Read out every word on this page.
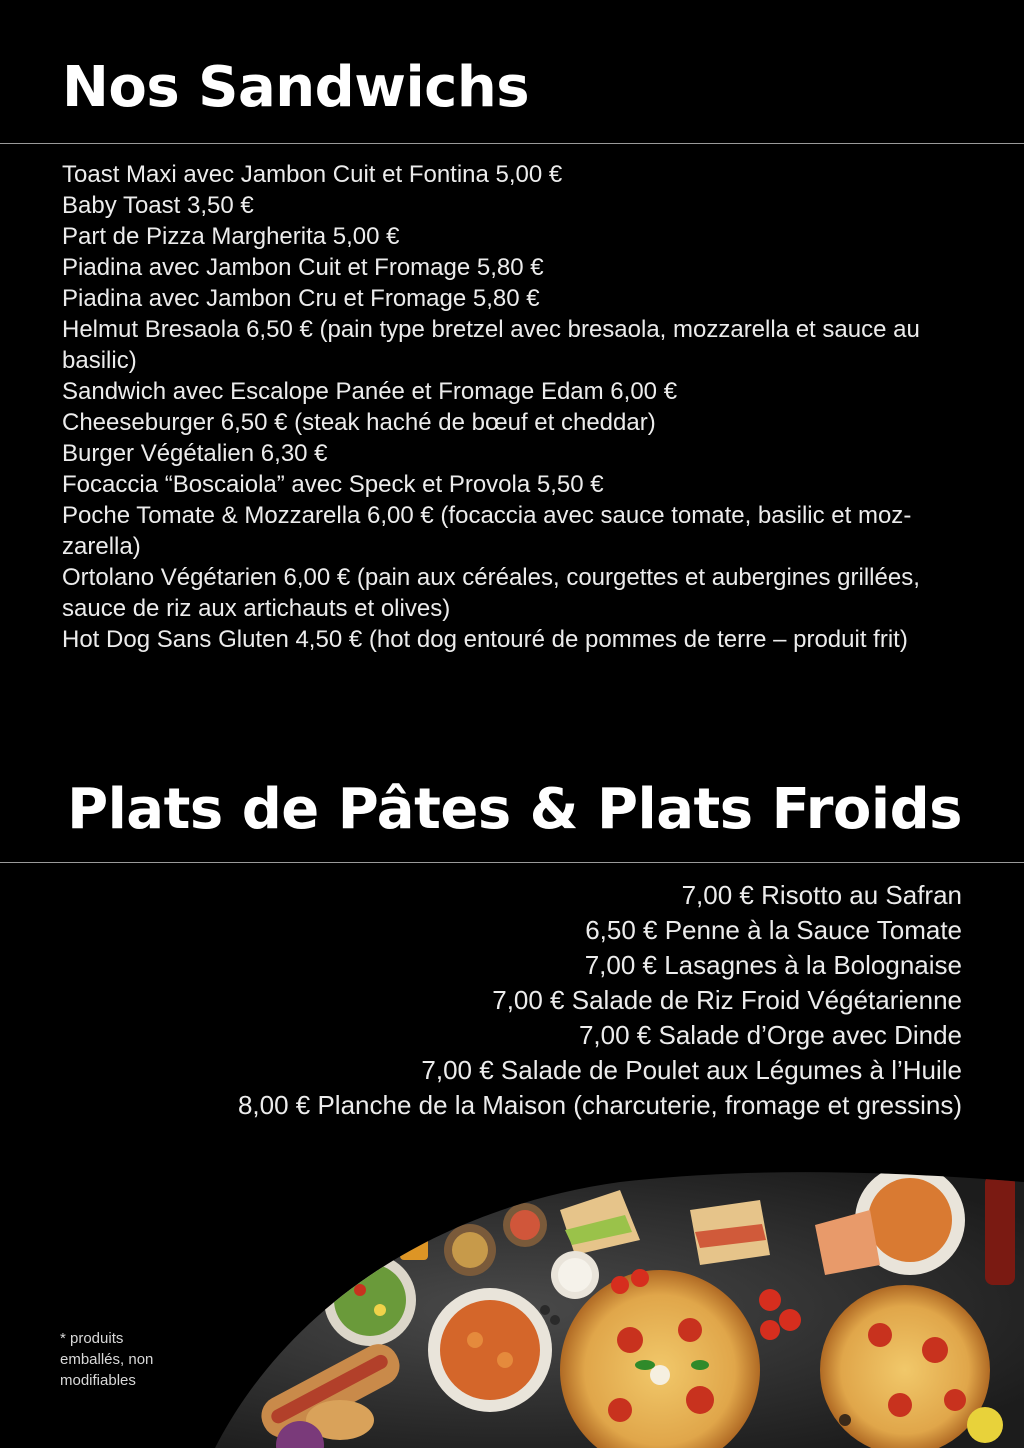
Nos Sandwichs
Toast Maxi avec Jambon Cuit et Fontina 5,00 €
Baby Toast 3,50 €
Part de Pizza Margherita 5,00 €
Piadina avec Jambon Cuit et Fromage 5,80 €
Piadina avec Jambon Cru et Fromage 5,80 €
Helmut Bresaola 6,50 € (pain type bretzel avec bresaola, mozzarella et sauce au basilic)
Sandwich avec Escalope Panée et Fromage Edam 6,00 €
Cheeseburger 6,50 € (steak haché de bœuf et cheddar)
Burger Végétalien 6,30 €
Focaccia “Boscaiola” avec Speck et Provola 5,50 €
Poche Tomate & Mozzarella 6,00 € (focaccia avec sauce tomate, basilic et mozzarella)
Ortolano Végétarien 6,00 € (pain aux céréales, courgettes et aubergines grillées, sauce de riz aux artichauts et olives)
Hot Dog Sans Gluten 4,50 € (hot dog entouré de pommes de terre – produit frit)
Plats de Pâtes & Plats Froids
7,00 € Risotto au Safran
6,50 € Penne à la Sauce Tomate
7,00 € Lasagnes à la Bolognaise
7,00 € Salade de Riz Froid Végétarienne
7,00 € Salade d’Orge avec Dinde
7,00 € Salade de Poulet aux Légumes à l’Huile
8,00 € Planche de la Maison (charcuterie, fromage et gressins)
* produits emballés, non modifiables
